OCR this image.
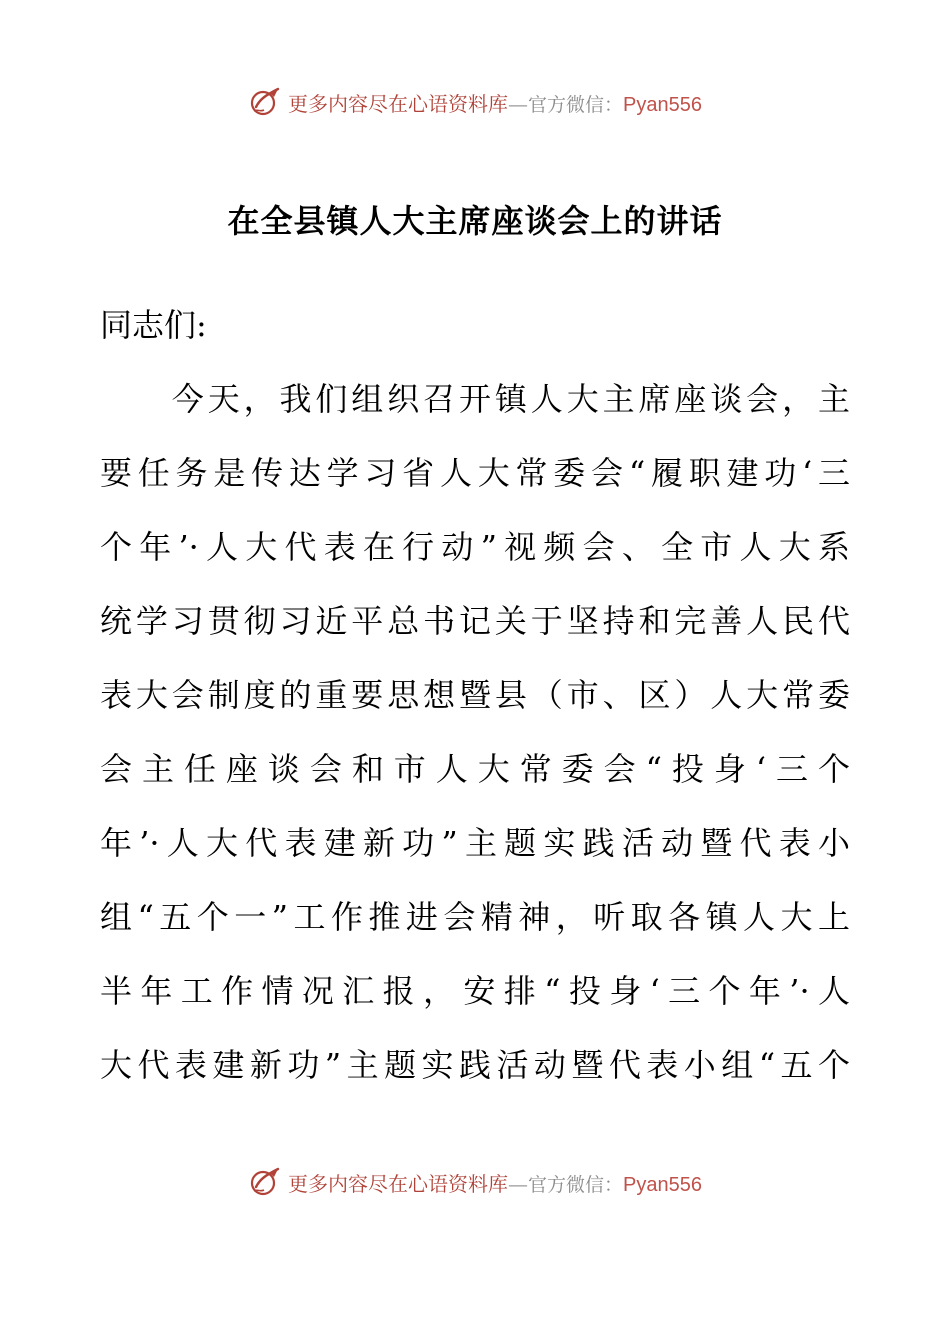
更多内容尽在心语资料库—官方微信：Pyan556
在全县镇人大主席座谈会上的讲话
同志们:
　　今天，我们组织召开镇人大主席座谈会，主
要任务是传达学习省人大常委会“履职建功‘三
个年’·人大代表在行动”视频会、全市人大系
统学习贯彻习近平总书记关于坚持和完善人民代
表大会制度的重要思想暨县（市、区）人大常委
会主任座谈会和市人大常委会“投身‘三个
年’·人大代表建新功”主题实践活动暨代表小
组“五个一”工作推进会精神，听取各镇人大上
半年工作情况汇报，安排“投身‘三个年’·人
大代表建新功”主题实践活动暨代表小组“五个
更多内容尽在心语资料库—官方微信：Pyan556
